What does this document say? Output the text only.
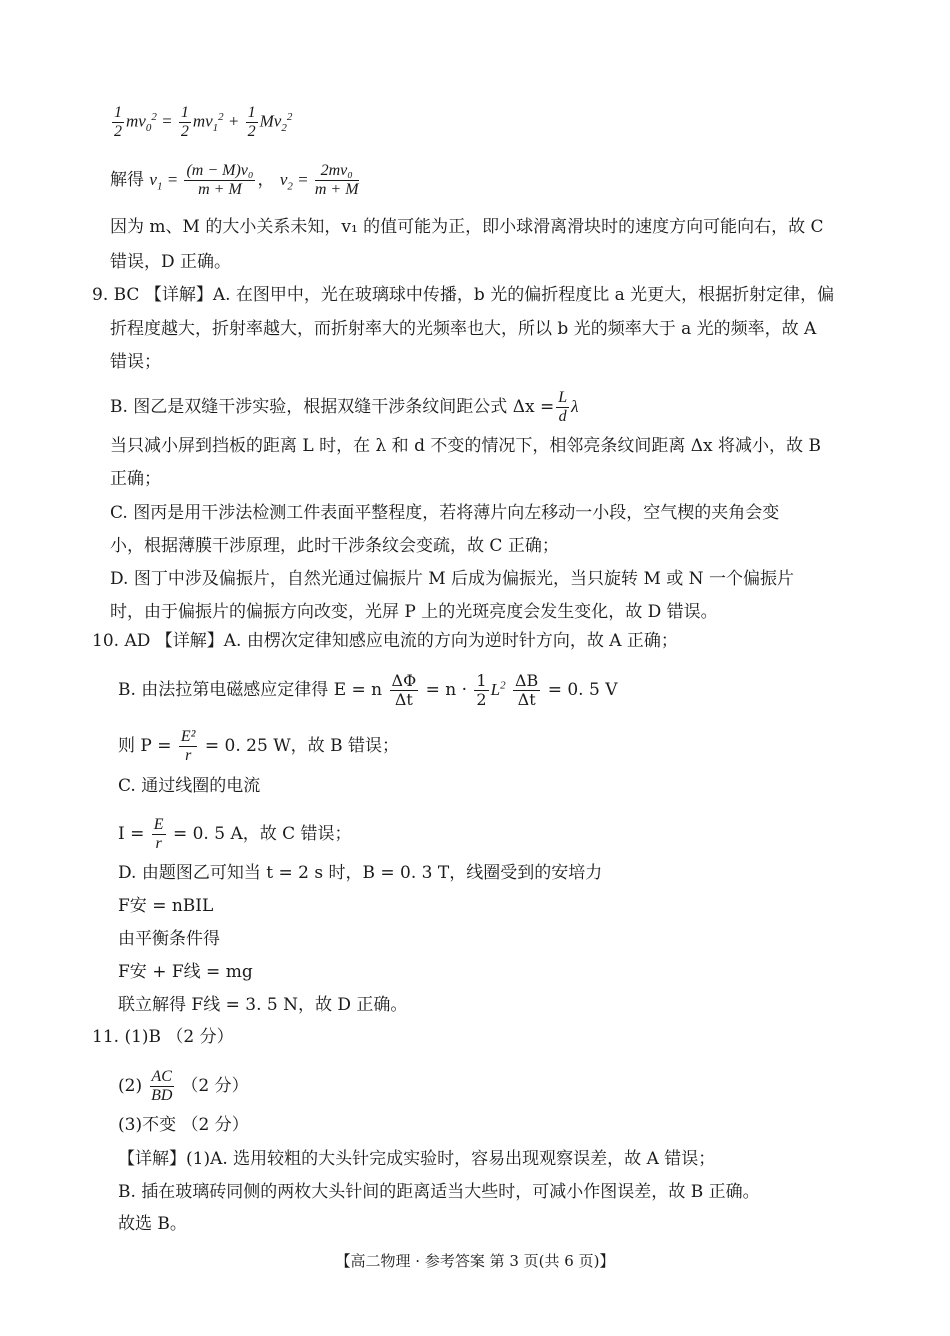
$\frac{1}{2} mv_0^2 = \frac{1}{2} mv_1^2 + \frac{1}{2} Mv_2^2$
解得 $v_1 = \frac{\text{(m − M)v₀}}{m + M}$ ， $v_2 = \frac{\text{2mv₀}}{m + M}$
因为 m、M 的大小关系未知，v₁ 的值可能为正，即小球滑离滑块时的速度方向可能向右，故 C
错误，D 正确。
9. BC 【详解】A. 在图甲中，光在玻璃球中传播，b 光的偏折程度比 a 光更大，根据折射定律，偏
折程度越大，折射率越大，而折射率大的光频率也大，所以 b 光的频率大于 a 光的频率，故 A
错误；
B. 图乙是双缝干涉实验，根据双缝干涉条纹间距公式 $\Delta x = \frac{L}{d}$ λ
当只减小屏到挡板的距离 L 时，在 λ 和 d 不变的情况下，相邻亮条纹间距离 Δx 将减小，故 B
正确；
C. 图丙是用干涉法检测工件表面平整程度，若将薄片向左移动一小段，空气楔的夹角会变
小，根据薄膜干涉原理，此时干涉条纹会变疏，故 C 正确；
D. 图丁中涉及偏振片，自然光通过偏振片 M 后成为偏振光，当只旋转 M 或 N 一个偏振片
时，由于偏振片的偏振方向改变，光屏 P 上的光斑亮度会发生变化，故 D 错误。
10. AD 【详解】A. 由楞次定律知感应电流的方向为逆时针方向，故 A 正确；
B. 由法拉第电磁感应定律得 E = n $\frac{\Delta\Phi}{\Delta t} = n \cdot \frac{1}{2} L^2 \frac{\Delta B}{\Delta t} = 0$. 5 V
则 $P = \frac{\text{E²}}{r} = 0$. 25 W，故 B 错误；
C. 通过线圈的电流
$I = \frac{E}{r} = 0$. 5 A，故 C 错误；
D. 由题图乙可知当 t = 2 s 时，B = 0. 3 T，线圈受到的安培力
F安 = nBIL
由平衡条件得
F安 + F线 = mg
联立解得 F线 = 3. 5 N，故 D 正确。
11. (1)B （2 分）
$(2) \frac{AC}{BD} (2$ 分）
(3)不变 （2 分）
【详解】(1)A. 选用较粗的大头针完成实验时，容易出现观察误差，故 A 错误；
B. 插在玻璃砖同侧的两枚大头针间的距离适当大些时，可减小作图误差，故 B 正确。
故选 B。
【高二物理 · 参考答案 第 3 页(共 6 页)】
